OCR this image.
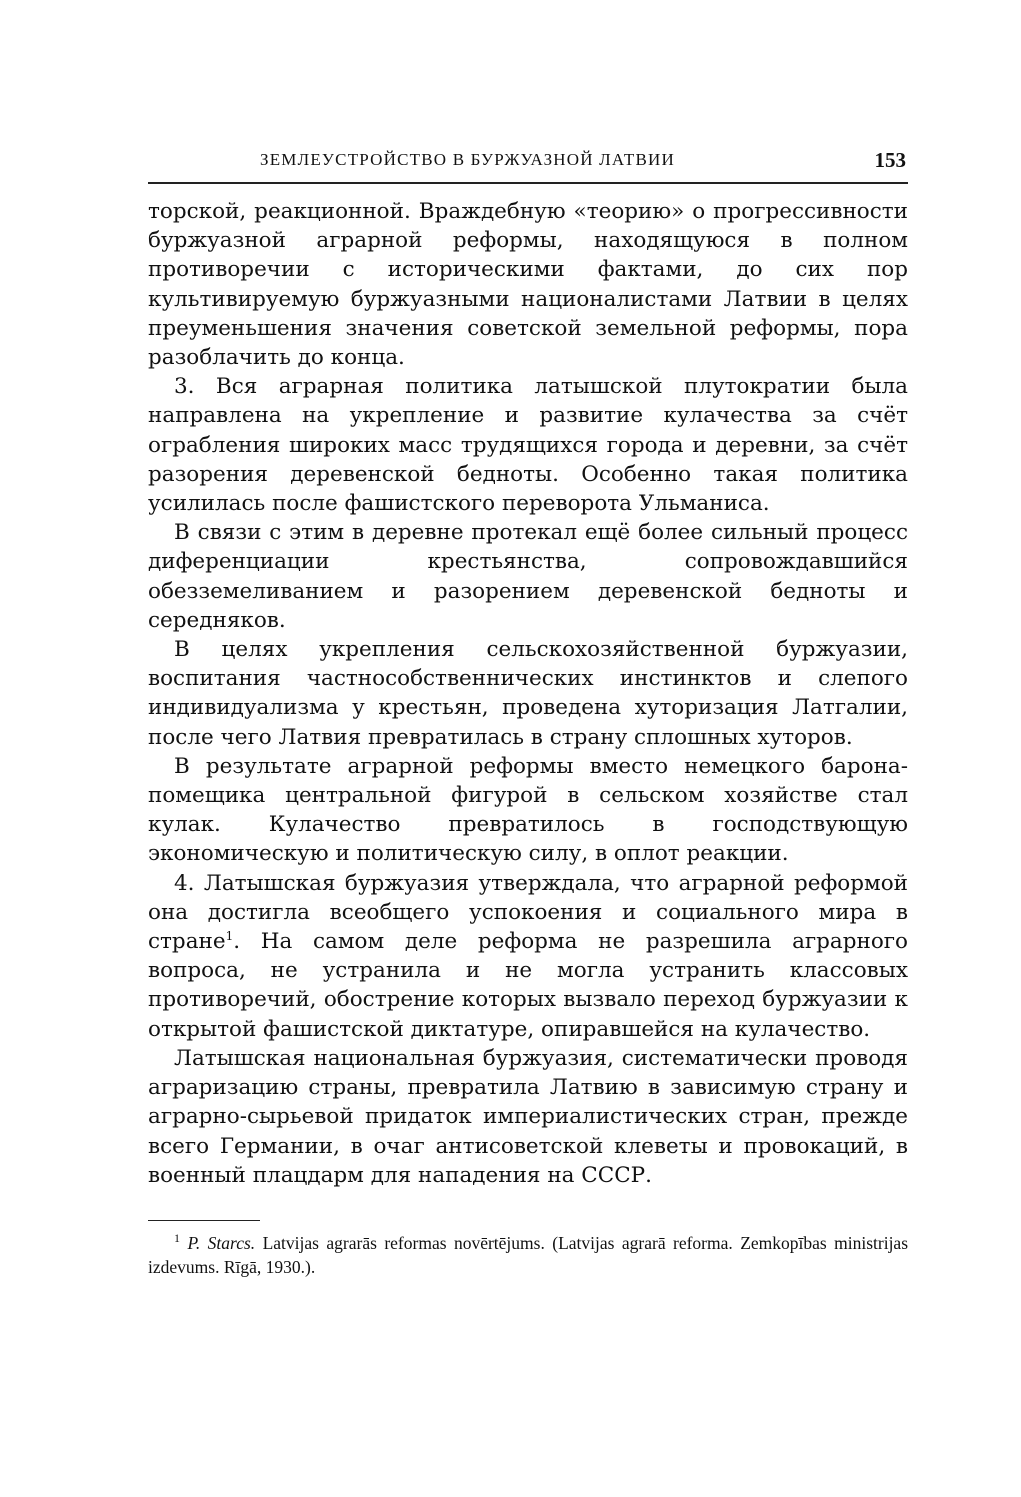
ЗЕМЛЕУСТРОЙСТВО В БУРЖУАЗНОЙ ЛАТВИИ	153

торской, реакционной. Враждебную «теорию» о прогрессивности буржуазной аграрной реформы, находящуюся в полном противоречии с историческими фактами, до сих пор культивируемую буржуазными националистами Латвии в целях преуменьшения значения советской земельной реформы, пора разоблачить до конца.

3. Вся аграрная политика латышской плутократии была направлена на укрепление и развитие кулачества за счёт ограбления широких масс трудящихся города и деревни, за счёт разорения деревенской бедноты. Особенно такая политика усилилась после фашистского переворота Ульманиса.

В связи с этим в деревне протекал ещё более сильный процесс диференциации крестьянства, сопровождавшийся обезземеливанием и разорением деревенской бедноты и середняков.

В целях укрепления сельскохозяйственной буржуазии, воспитания частнособственнических инстинктов и слепого индивидуализма у крестьян, проведена хуторизация Латгалии, после чего Латвия превратилась в страну сплошных хуторов.

В результате аграрной реформы вместо немецкого барона-помещика центральной фигурой в сельском хозяйстве стал кулак. Кулачество превратилось в господствующую экономическую и политическую силу, в оплот реакции.

4. Латышская буржуазия утверждала, что аграрной реформой она достигла всеобщего успокоения и социального мира в стране$^1$. На самом деле реформа не разрешила аграрного вопроса, не устранила и не могла устранить классовых противоречий, обострение которых вызвало переход буржуазии к открытой фашистской диктатуре, опиравшейся на кулачество.

Латышская национальная буржуазия, систематически проводя аграризацию страны, превратила Латвию в зависимую страну и аграрно-сырьевой придаток империалистических стран, прежде всего Германии, в очаг антисоветской клеветы и провокаций, в военный плацдарм для нападения на СССР.

$^1$ P. Starcs. Latvijas agrarās reformas novērtējums. (Latvijas agrarā reforma. Zemkopības ministrijas izdevums. Rīgā, 1930.).
